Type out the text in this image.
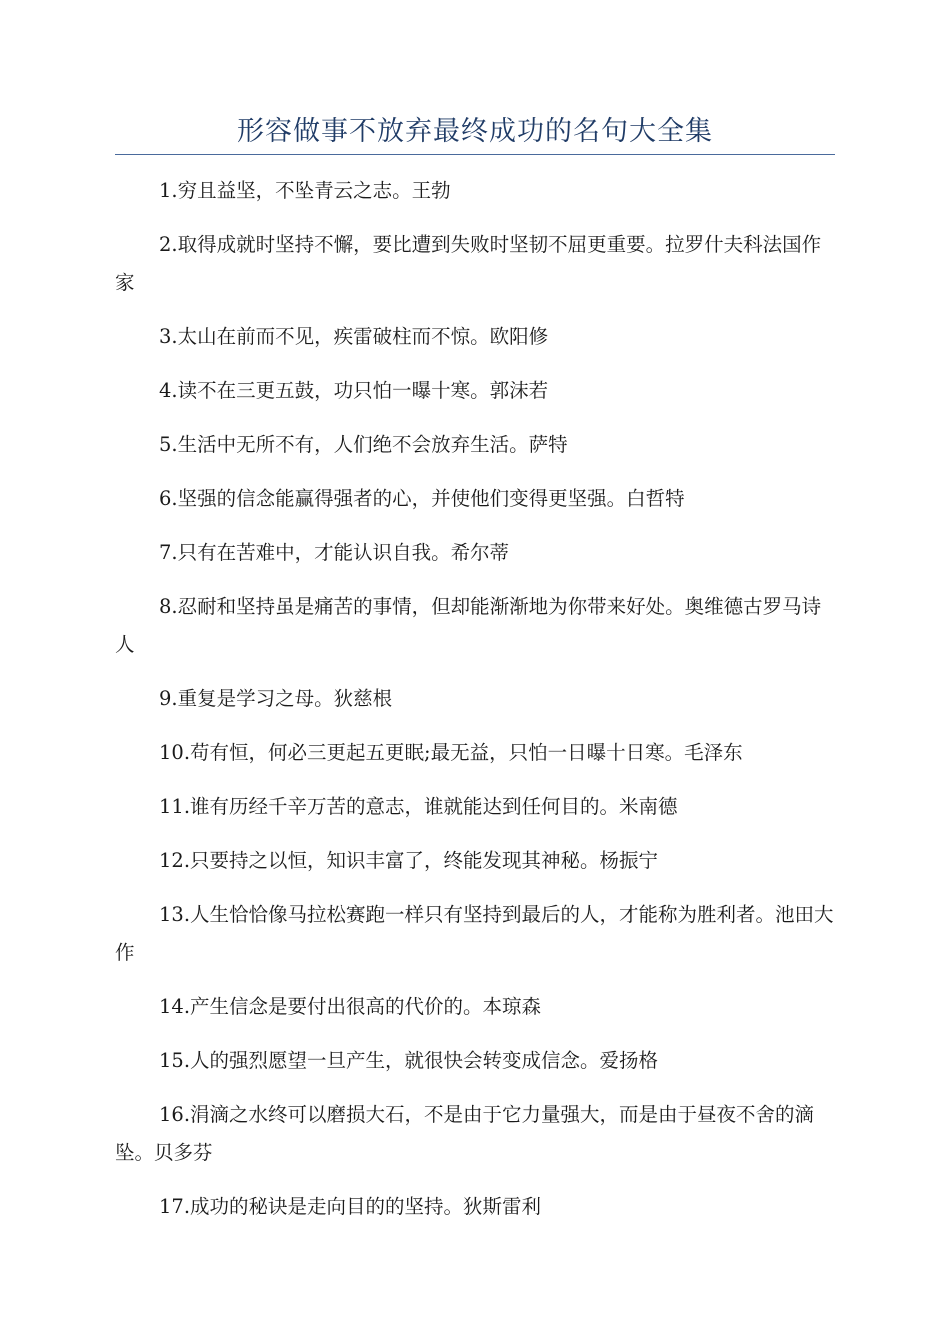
形容做事不放弃最终成功的名句大全集

1.穷且益坚，不坠青云之志。王勃

2.取得成就时坚持不懈，要比遭到失败时坚韧不屈更重要。拉罗什夫科法国作家

3.太山在前而不见，疾雷破柱而不惊。欧阳修

4.读不在三更五鼓，功只怕一曝十寒。郭沫若

5.生活中无所不有，人们绝不会放弃生活。萨特

6.坚强的信念能赢得强者的心，并使他们变得更坚强。白哲特

7.只有在苦难中，才能认识自我。希尔蒂

8.忍耐和坚持虽是痛苦的事情，但却能渐渐地为你带来好处。奥维德古罗马诗人

9.重复是学习之母。狄慈根

10.苟有恒，何必三更起五更眠;最无益，只怕一日曝十日寒。毛泽东

11.谁有历经千辛万苦的意志，谁就能达到任何目的。米南德

12.只要持之以恒，知识丰富了，终能发现其神秘。杨振宁

13.人生恰恰像马拉松赛跑一样只有坚持到最后的人，才能称为胜利者。池田大作

14.产生信念是要付出很高的代价的。本琼森

15.人的强烈愿望一旦产生，就很快会转变成信念。爱扬格

16.涓滴之水终可以磨损大石，不是由于它力量强大，而是由于昼夜不舍的滴坠。贝多芬

17.成功的秘诀是走向目的的坚持。狄斯雷利
